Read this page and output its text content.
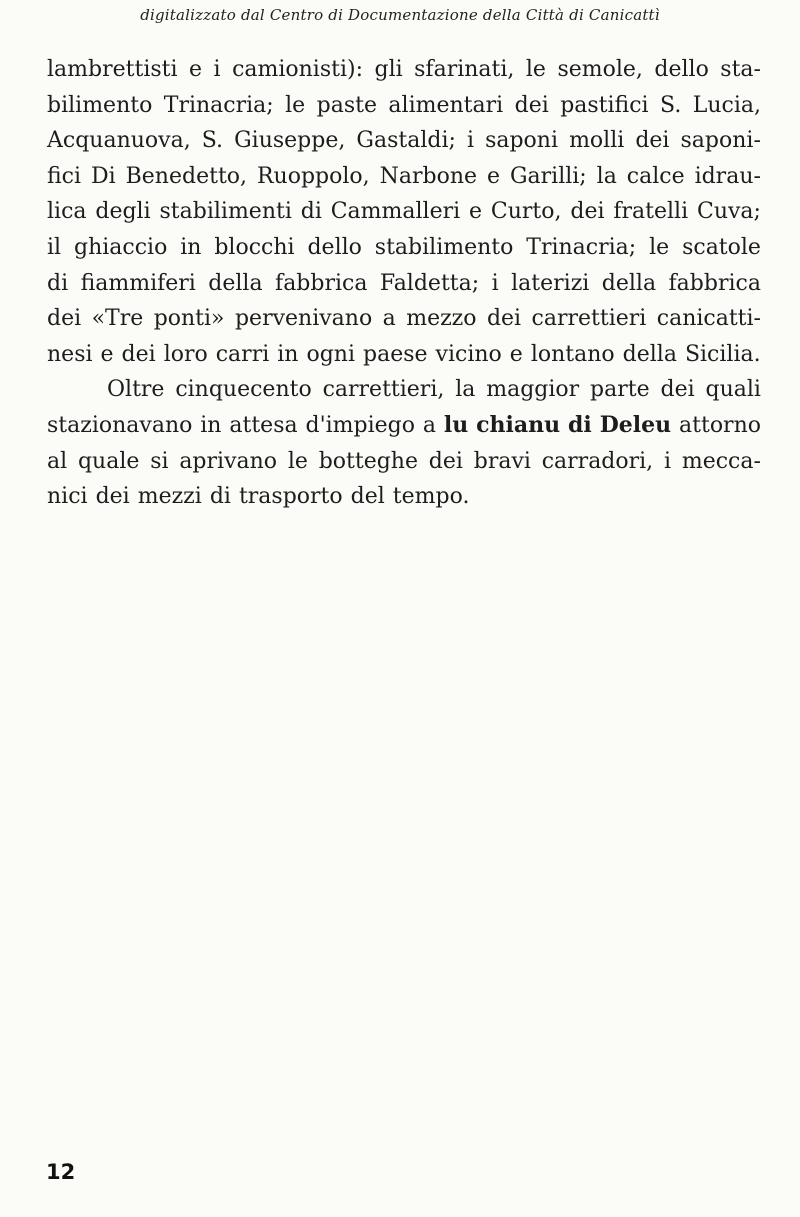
digitalizzato dal Centro di Documentazione della Città di Canicattì
lambrettisti e i camionisti): gli sfarinati, le semole, dello sta-
bilimento Trinacria; le paste alimentari dei pastifici S. Lucia,
Acquanuova, S. Giuseppe, Gastaldi; i saponi molli dei saponi-
fici Di Benedetto, Ruoppolo, Narbone e Garilli; la calce idrau-
lica degli stabilimenti di Cammalleri e Curto, dei fratelli Cuva;
il ghiaccio in blocchi dello stabilimento Trinacria; le scatole
di fiammiferi della fabbrica Faldetta; i laterizi della fabbrica
dei «Tre ponti» pervenivano a mezzo dei carrettieri canicatti-
nesi e dei loro carri in ogni paese vicino e lontano della Sicilia.
Oltre cinquecento carrettieri, la maggior parte dei quali
stazionavano in attesa d'impiego a lu chianu di Deleu attorno
al quale si aprivano le botteghe dei bravi carradori, i mecca-
nici dei mezzi di trasporto del tempo.
12
